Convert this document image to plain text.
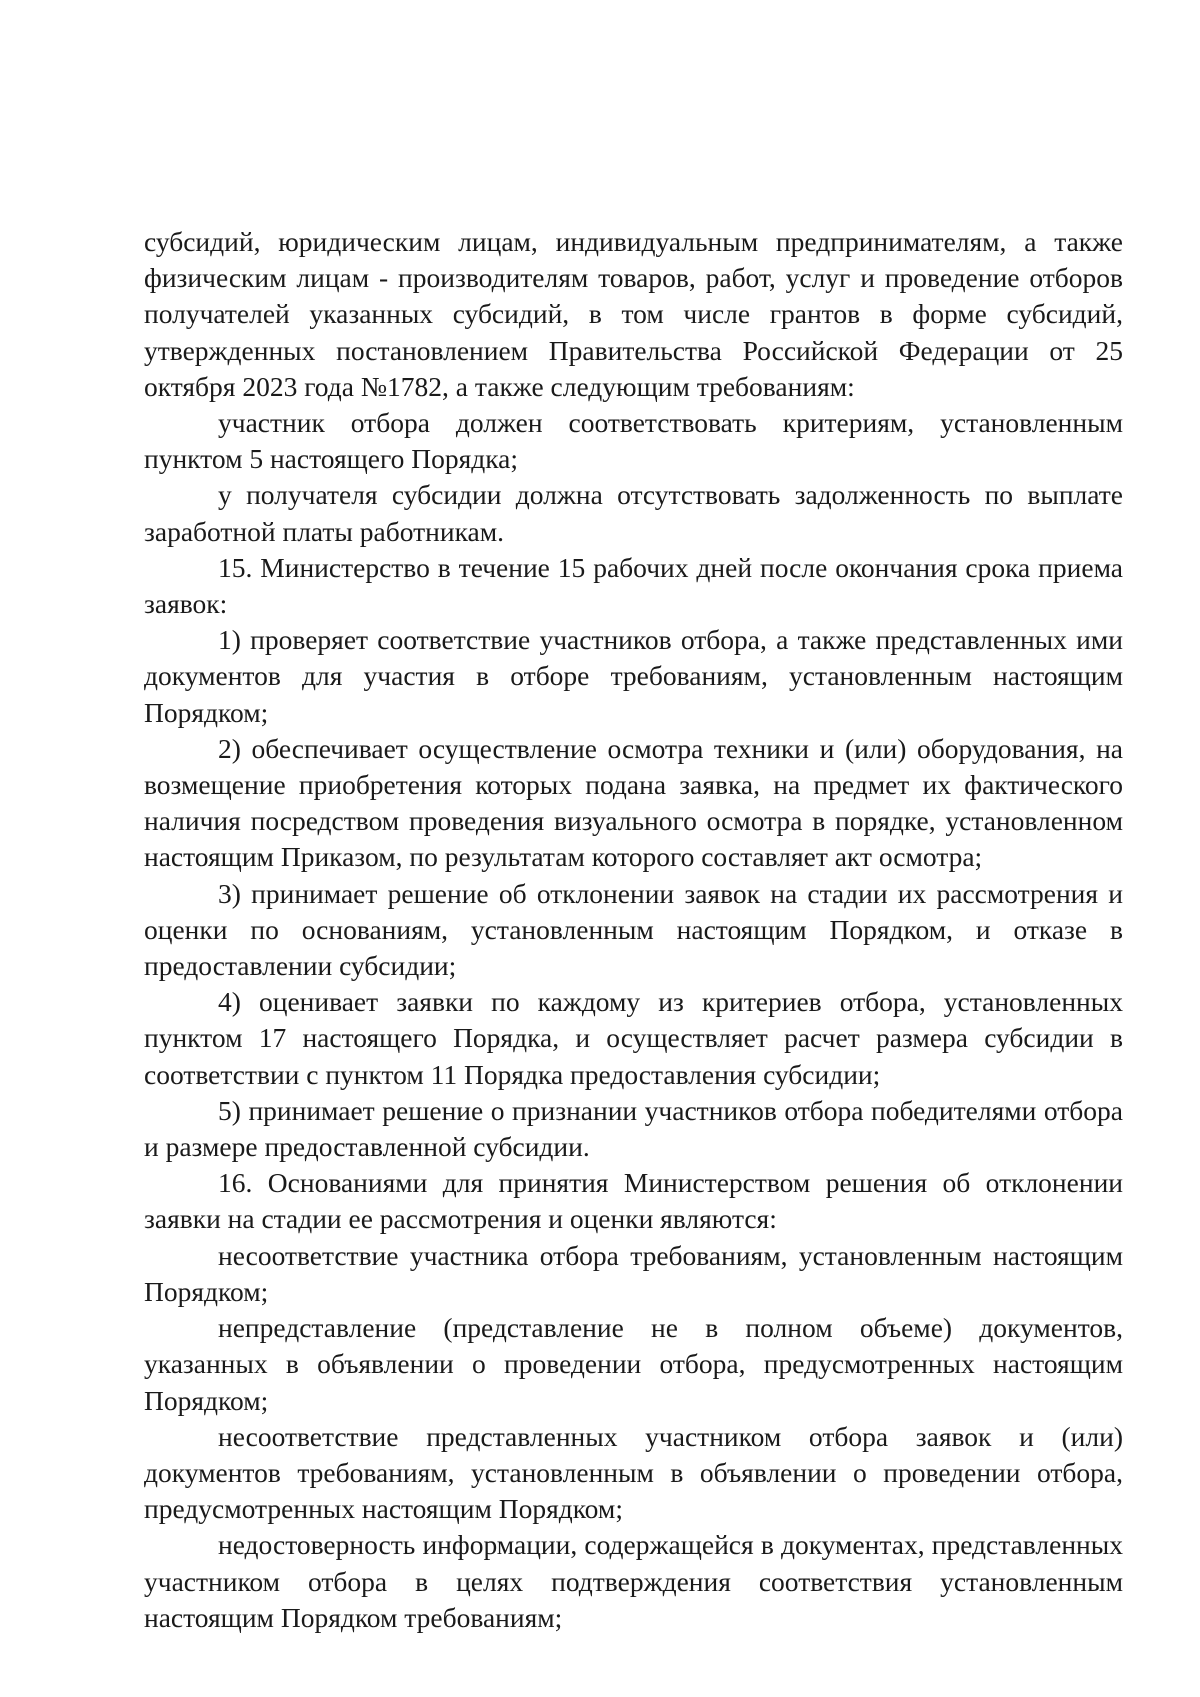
субсидий, юридическим лицам, индивидуальным предпринимателям, а также физическим лицам - производителям товаров, работ, услуг и проведение отборов получателей указанных субсидий, в том числе грантов в форме субсидий, утвержденных постановлением Правительства Российской Федерации от 25 октября 2023 года №1782, а также следующим требованиям:

участник отбора должен соответствовать критериям, установленным пунктом 5 настоящего Порядка;

у получателя субсидии должна отсутствовать задолженность по выплате заработной платы работникам.

15. Министерство в течение 15 рабочих дней после окончания срока приема заявок:

1) проверяет соответствие участников отбора, а также представленных ими документов для участия в отборе требованиям, установленным настоящим Порядком;

2) обеспечивает осуществление осмотра техники и (или) оборудования, на возмещение приобретения которых подана заявка, на предмет их фактического наличия посредством проведения визуального осмотра в порядке, установленном настоящим Приказом, по результатам которого составляет акт осмотра;

3) принимает решение об отклонении заявок на стадии их рассмотрения и оценки по основаниям, установленным настоящим Порядком, и отказе в предоставлении субсидии;

4) оценивает заявки по каждому из критериев отбора, установленных пунктом 17 настоящего Порядка, и осуществляет расчет размера субсидии в соответствии с пунктом 11 Порядка предоставления субсидии;

5) принимает решение о признании участников отбора победителями отбора и размере предоставленной субсидии.

16. Основаниями для принятия Министерством решения об отклонении заявки на стадии ее рассмотрения и оценки являются:

несоответствие участника отбора требованиям, установленным настоящим Порядком;

непредставление (представление не в полном объеме) документов, указанных в объявлении о проведении отбора, предусмотренных настоящим Порядком;

несоответствие представленных участником отбора заявок и (или) документов требованиям, установленным в объявлении о проведении отбора, предусмотренных настоящим Порядком;

недостоверность информации, содержащейся в документах, представленных участником отбора в целях подтверждения соответствия установленным настоящим Порядком требованиям;
